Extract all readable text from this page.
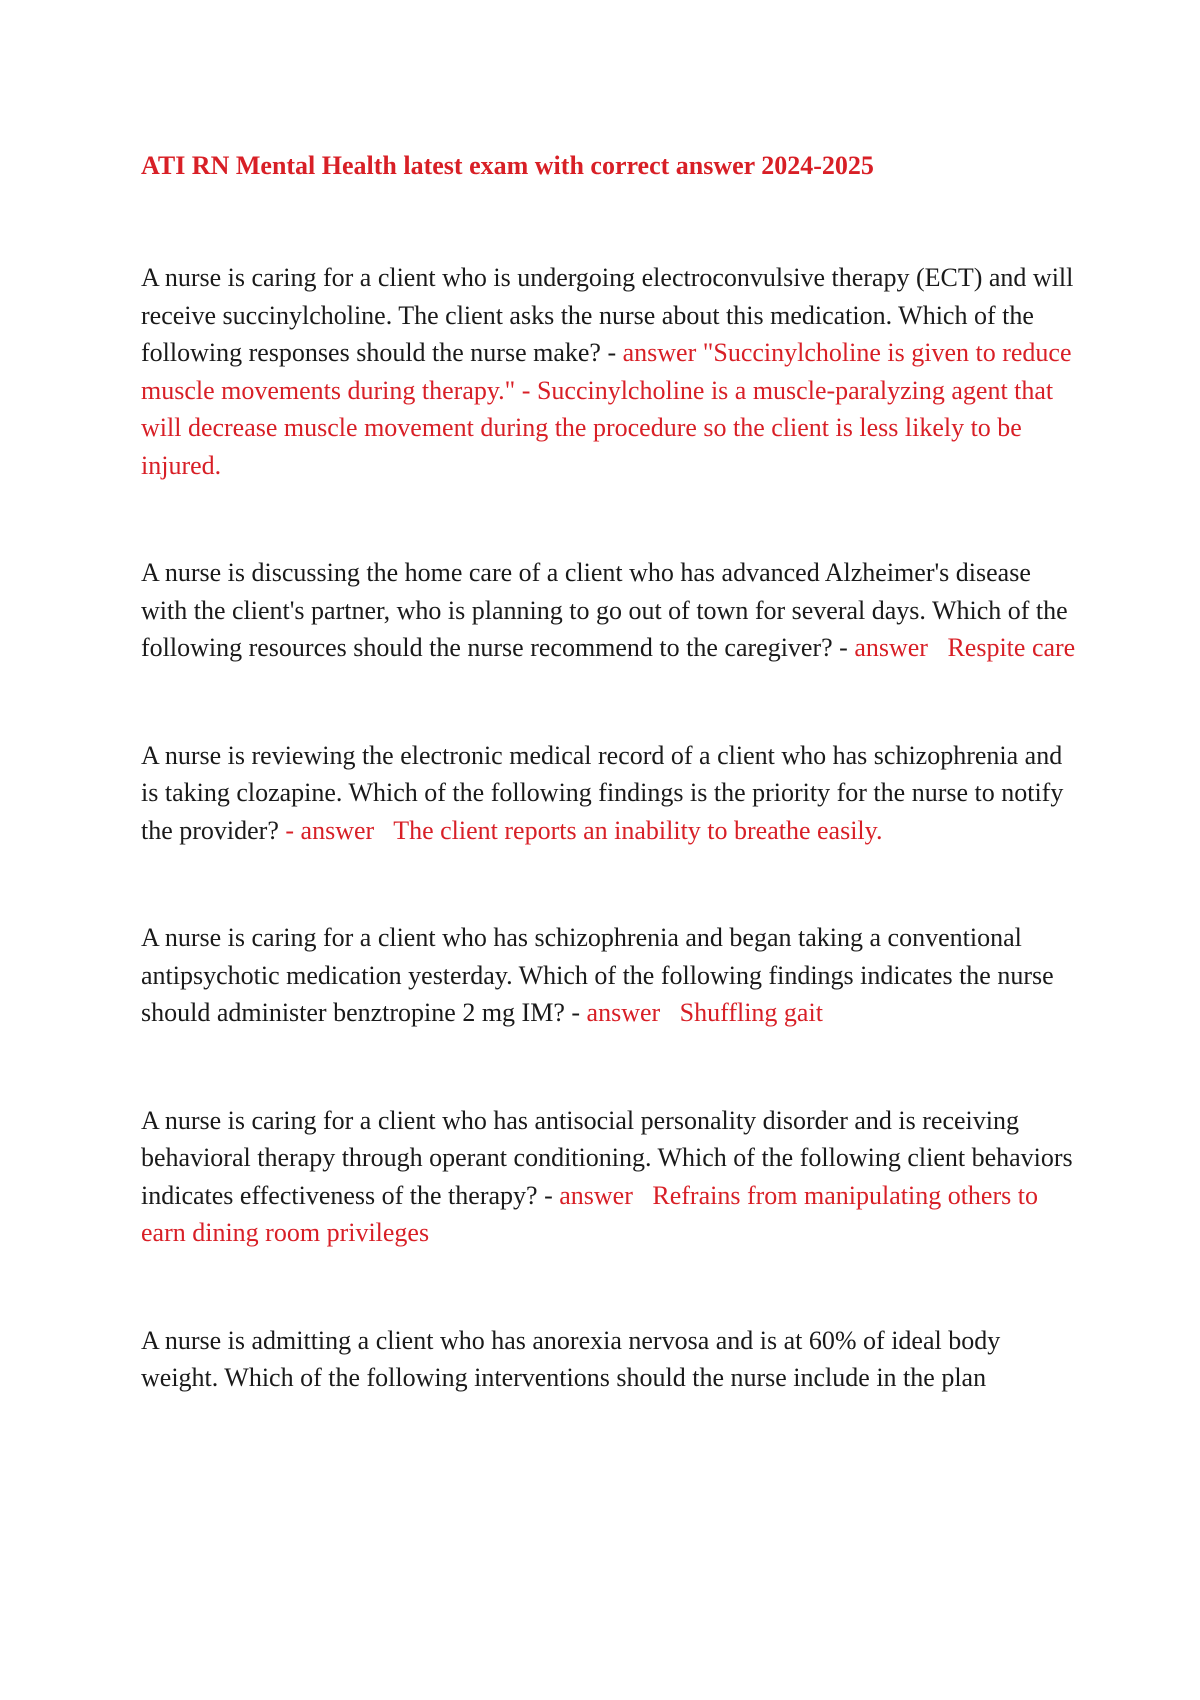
ATI RN Mental Health latest exam with correct answer 2024-2025
A nurse is caring for a client who is undergoing electroconvulsive therapy (ECT) and will receive succinylcholine. The client asks the nurse about this medication. Which of the following responses should the nurse make? - answer "Succinylcholine is given to reduce muscle movements during therapy." - Succinylcholine is a muscle-paralyzing agent that will decrease muscle movement during the procedure so the client is less likely to be injured.
A nurse is discussing the home care of a client who has advanced Alzheimer's disease with the client's partner, who is planning to go out of town for several days. Which of the following resources should the nurse recommend to the caregiver? - answer Respite care
A nurse is reviewing the electronic medical record of a client who has schizophrenia and is taking clozapine. Which of the following findings is the priority for the nurse to notify the provider? - answer The client reports an inability to breathe easily.
A nurse is caring for a client who has schizophrenia and began taking a conventional antipsychotic medication yesterday. Which of the following findings indicates the nurse should administer benztropine 2 mg IM? - answer Shuffling gait
A nurse is caring for a client who has antisocial personality disorder and is receiving behavioral therapy through operant conditioning. Which of the following client behaviors indicates effectiveness of the therapy? - answer Refrains from manipulating others to earn dining room privileges
A nurse is admitting a client who has anorexia nervosa and is at 60% of ideal body weight. Which of the following interventions should the nurse include in the plan
